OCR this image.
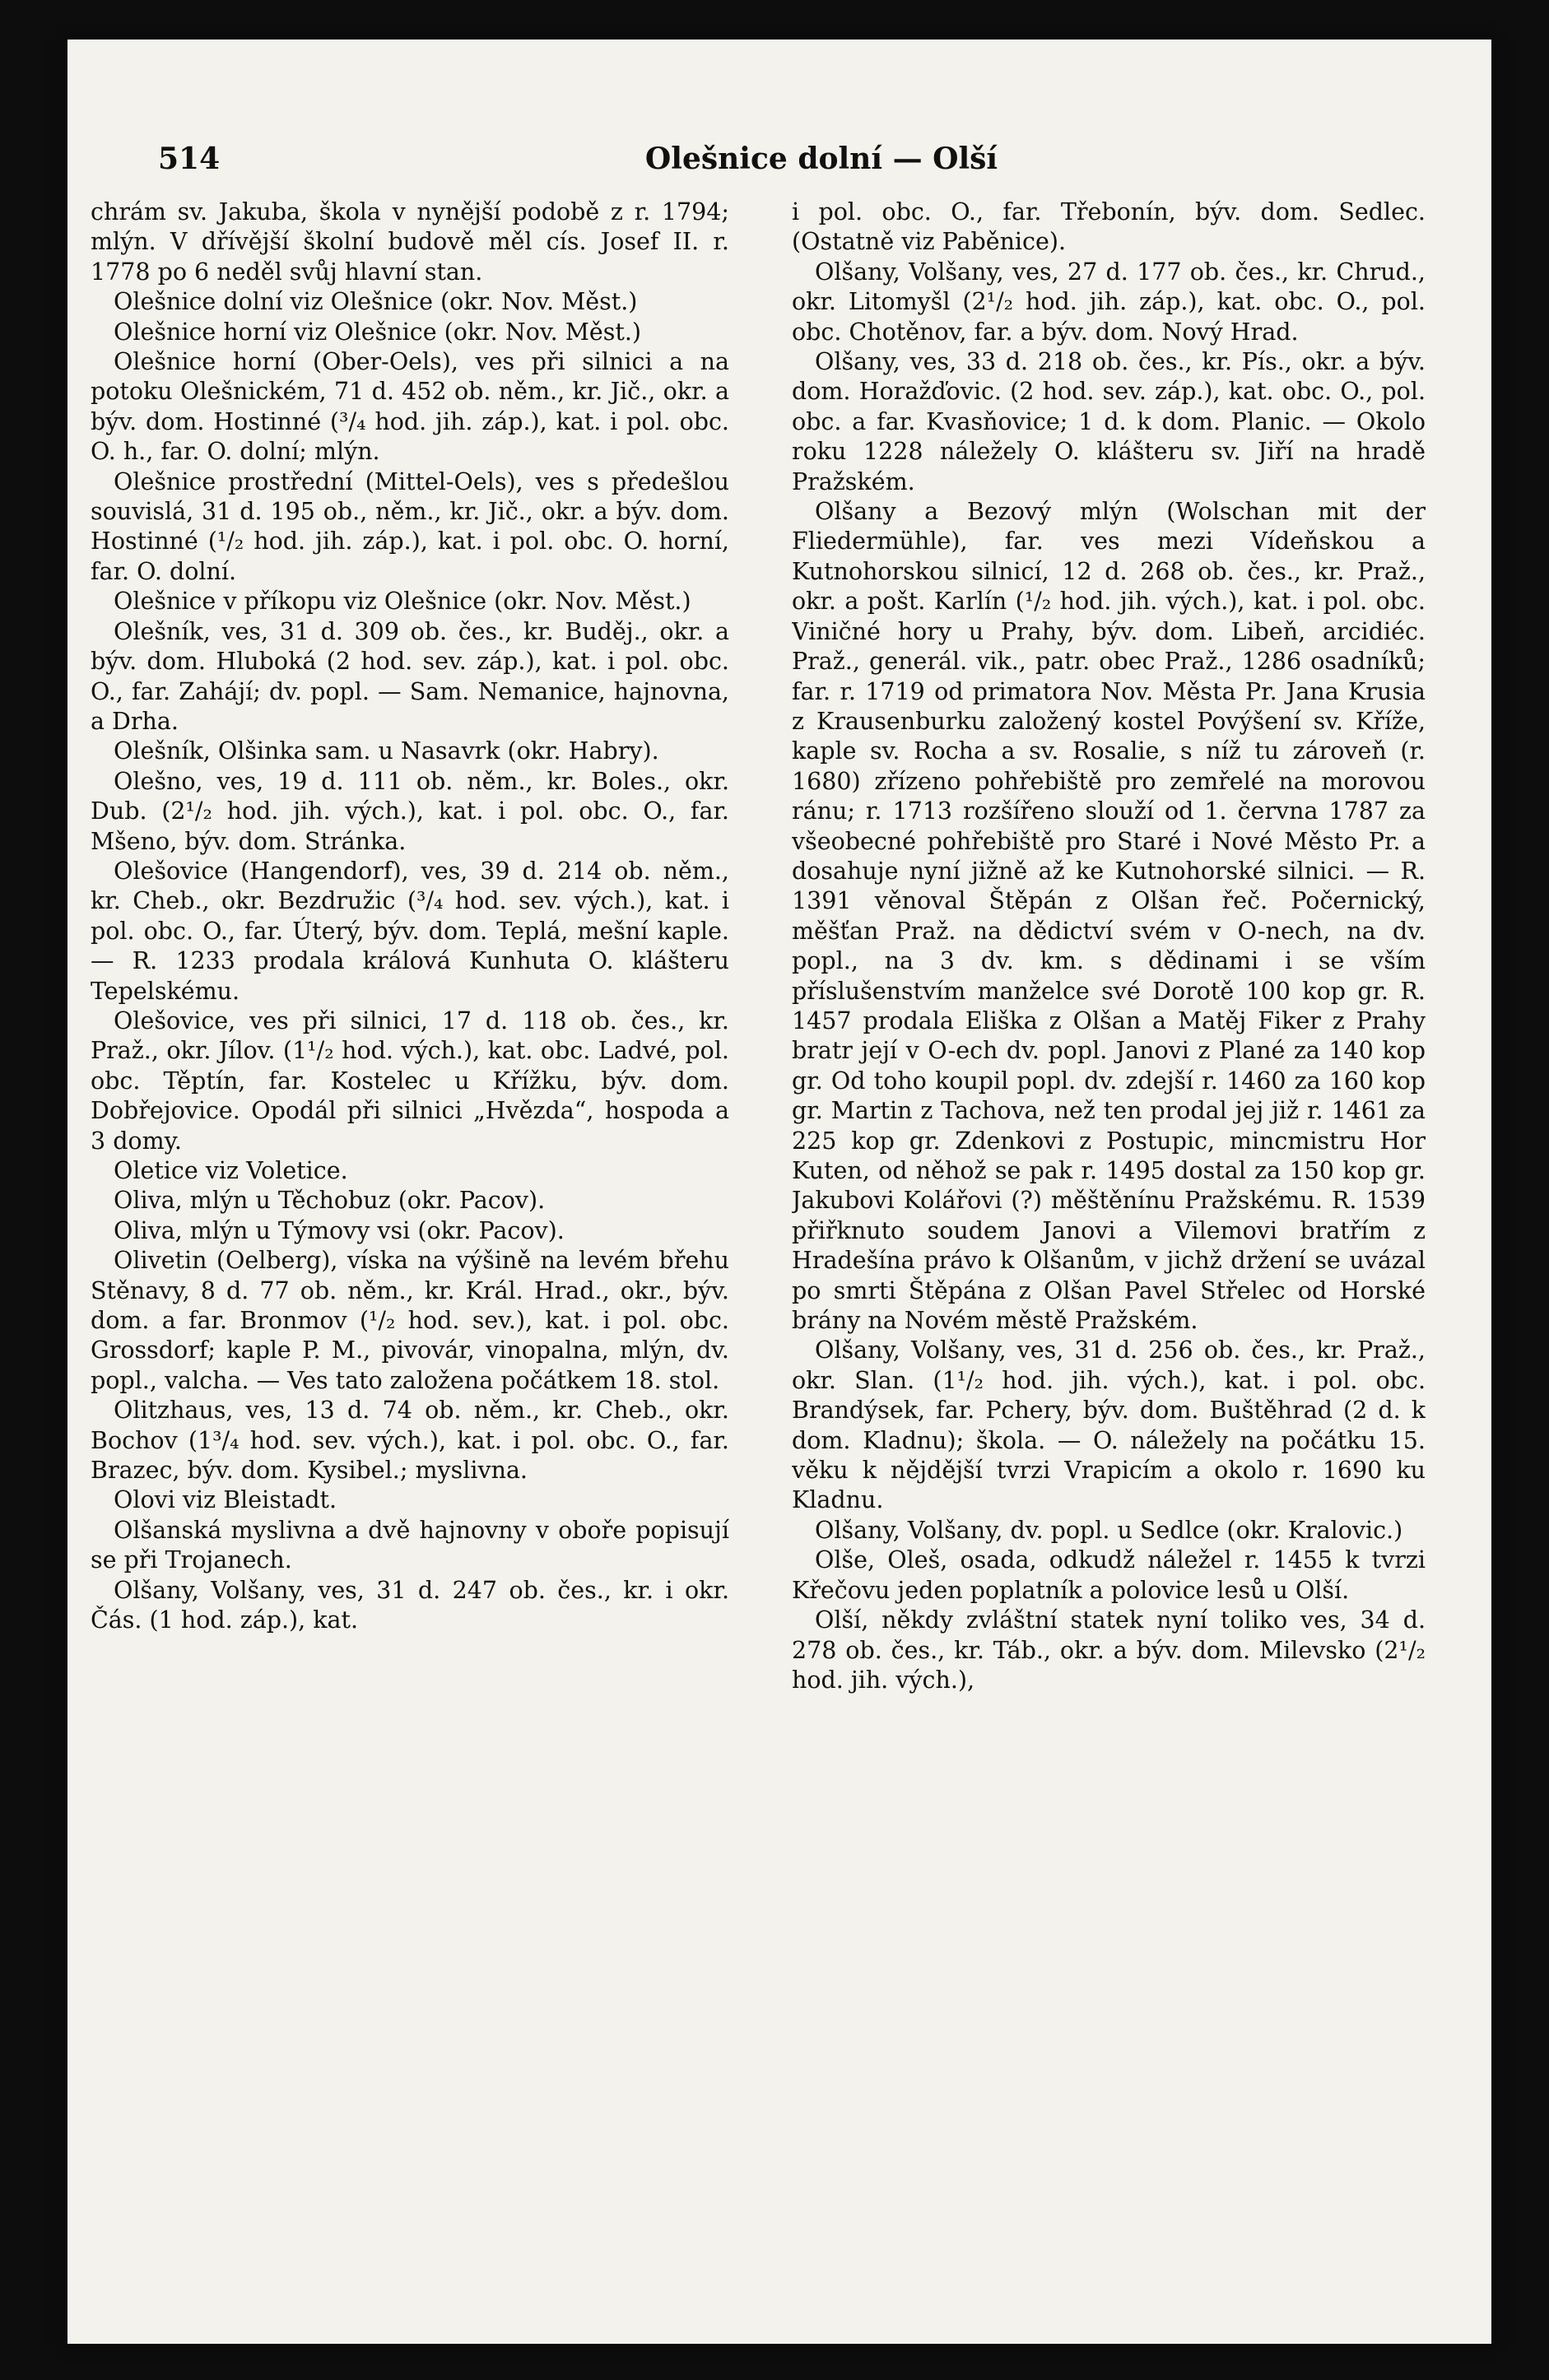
514	Olešnice dolní — Olší

chrám sv. Jakuba, škola v nynější podobě z r. 1794; mlýn. V dřívější školní budově měl cís. Josef II. r. 1778 po 6 neděl svůj hlavní stan.

Olešnice dolní viz Olešnice (okr. Nov. Měst.)

Olešnice horní viz Olešnice (okr. Nov. Měst.)

Olešnice horní (Ober-Oels), ves při silnici a na potoku Olešnickém, 71 d. 452 ob. něm., kr. Jič., okr. a býv. dom. Hostinné (³/₄ hod. jih. záp.), kat. i pol. obc. O. h., far. O. dolní; mlýn.

Olešnice prostřední (Mittel-Oels), ves s předešlou souvislá, 31 d. 195 ob., něm., kr. Jič., okr. a býv. dom. Hostinné (¹/₂ hod. jih. záp.), kat. i pol. obc. O. horní, far. O. dolní.

Olešnice v příkopu viz Olešnice (okr. Nov. Měst.)

Olešník, ves, 31 d. 309 ob. čes., kr. Buděj., okr. a býv. dom. Hluboká (2 hod. sev. záp.), kat. i pol. obc. O., far. Zahájí; dv. popl. — Sam. Nemanice, hajnovna, a Drha.

Olešník, Olšinka sam. u Nasavrk (okr. Habry).

Olešno, ves, 19 d. 111 ob. něm., kr. Boles., okr. Dub. (2¹/₂ hod. jih. vých.), kat. i pol. obc. O., far. Mšeno, býv. dom. Stránka.

Olešovice (Hangendorf), ves, 39 d. 214 ob. něm., kr. Cheb., okr. Bezdružic (³/₄ hod. sev. vých.), kat. i pol. obc. O., far. Úterý, býv. dom. Teplá, mešní kaple. — R. 1233 prodala králová Kunhuta O. klášteru Tepelskému.

Olešovice, ves při silnici, 17 d. 118 ob. čes., kr. Praž., okr. Jílov. (1¹/₂ hod. vých.), kat. obc. Ladvé, pol. obc. Těptín, far. Kostelec u Křížku, býv. dom. Dobřejovice. Opodál při silnici „Hvězda“, hospoda a 3 domy.

Oletice viz Voletice.

Oliva, mlýn u Těchobuz (okr. Pacov).

Oliva, mlýn u Týmovy vsi (okr. Pacov).

Olivetin (Oelberg), víska na výšině na levém břehu Stěnavy, 8 d. 77 ob. něm., kr. Král. Hrad., okr., býv. dom. a far. Bronmov (¹/₂ hod. sev.), kat. i pol. obc. Grossdorf; kaple P. M., pivovár, vinopalna, mlýn, dv. popl., valcha. — Ves tato založena počátkem 18. stol.

Olitzhaus, ves, 13 d. 74 ob. něm., kr. Cheb., okr. Bochov (1³/₄ hod. sev. vých.), kat. i pol. obc. O., far. Brazec, býv. dom. Kysibel.; myslivna.

Olovi viz Bleistadt.

Olšanská myslivna a dvě hajnovny v oboře popisují se při Trojanech.

Olšany, Volšany, ves, 31 d. 247 ob. čes., kr. i okr. Čás. (1 hod. záp.), kat.

i pol. obc. O., far. Třebonín, býv. dom. Sedlec. (Ostatně viz Paběnice).

Olšany, Volšany, ves, 27 d. 177 ob. čes., kr. Chrud., okr. Litomyšl (2¹/₂ hod. jih. záp.), kat. obc. O., pol. obc. Chotěnov, far. a býv. dom. Nový Hrad.

Olšany, ves, 33 d. 218 ob. čes., kr. Pís., okr. a býv. dom. Horažďovic. (2 hod. sev. záp.), kat. obc. O., pol. obc. a far. Kvasňovice; 1 d. k dom. Planic. — Okolo roku 1228 náležely O. klášteru sv. Jiří na hradě Pražském.

Olšany a Bezový mlýn (Wolschan mit der Fliedermühle), far. ves mezi Vídeňskou a Kutnohorskou silnicí, 12 d. 268 ob. čes., kr. Praž., okr. a pošt. Karlín (¹/₂ hod. jih. vých.), kat. i pol. obc. Viničné hory u Prahy, býv. dom. Libeň, arcidiéc. Praž., generál. vik., patr. obec Praž., 1286 osadníků; far. r. 1719 od primatora Nov. Města Pr. Jana Krusia z Krausenburku založený kostel Povýšení sv. Kříže, kaple sv. Rocha a sv. Rosalie, s níž tu zároveň (r. 1680) zřízeno pohřebiště pro zemřelé na morovou ránu; r. 1713 rozšířeno slouží od 1. června 1787 za všeobecné pohřebiště pro Staré i Nové Město Pr. a dosahuje nyní jižně až ke Kutnohorské silnici. — R. 1391 věnoval Štěpán z Olšan řeč. Počernický, měšťan Praž. na dědictví svém v O-nech, na dv. popl., na 3 dv. km. s dědinami i se vším příslušenstvím manželce své Dorotě 100 kop gr. R. 1457 prodala Eliška z Olšan a Matěj Fiker z Prahy bratr její v O-ech dv. popl. Janovi z Plané za 140 kop gr. Od toho koupil popl. dv. zdejší r. 1460 za 160 kop gr. Martin z Tachova, než ten prodal jej již r. 1461 za 225 kop gr. Zdenkovi z Postupic, mincmistru Hor Kuten, od něhož se pak r. 1495 dostal za 150 kop gr. Jakubovi Kolářovi (?) měštěnínu Pražskému. R. 1539 přiřknuto soudem Janovi a Vilemovi bratřím z Hradešína právo k Olšanům, v jichž držení se uvázal po smrti Štěpána z Olšan Pavel Střelec od Horské brány na Novém městě Pražském.

Olšany, Volšany, ves, 31 d. 256 ob. čes., kr. Praž., okr. Slan. (1¹/₂ hod. jih. vých.), kat. i pol. obc. Brandýsek, far. Pchery, býv. dom. Buštěhrad (2 d. k dom. Kladnu); škola. — O. náležely na počátku 15. věku k nějdější tvrzi Vrapicím a okolo r. 1690 ku Kladnu.

Olšany, Volšany, dv. popl. u Sedlce (okr. Kralovic.)

Olše, Oleš, osada, odkudž náležel r. 1455 k tvrzi Křečovu jeden poplatník a polovice lesů u Olší.

Olší, někdy zvláštní statek nyní toliko ves, 34 d. 278 ob. čes., kr. Táb., okr. a býv. dom. Milevsko (2¹/₂ hod. jih. vých.),
